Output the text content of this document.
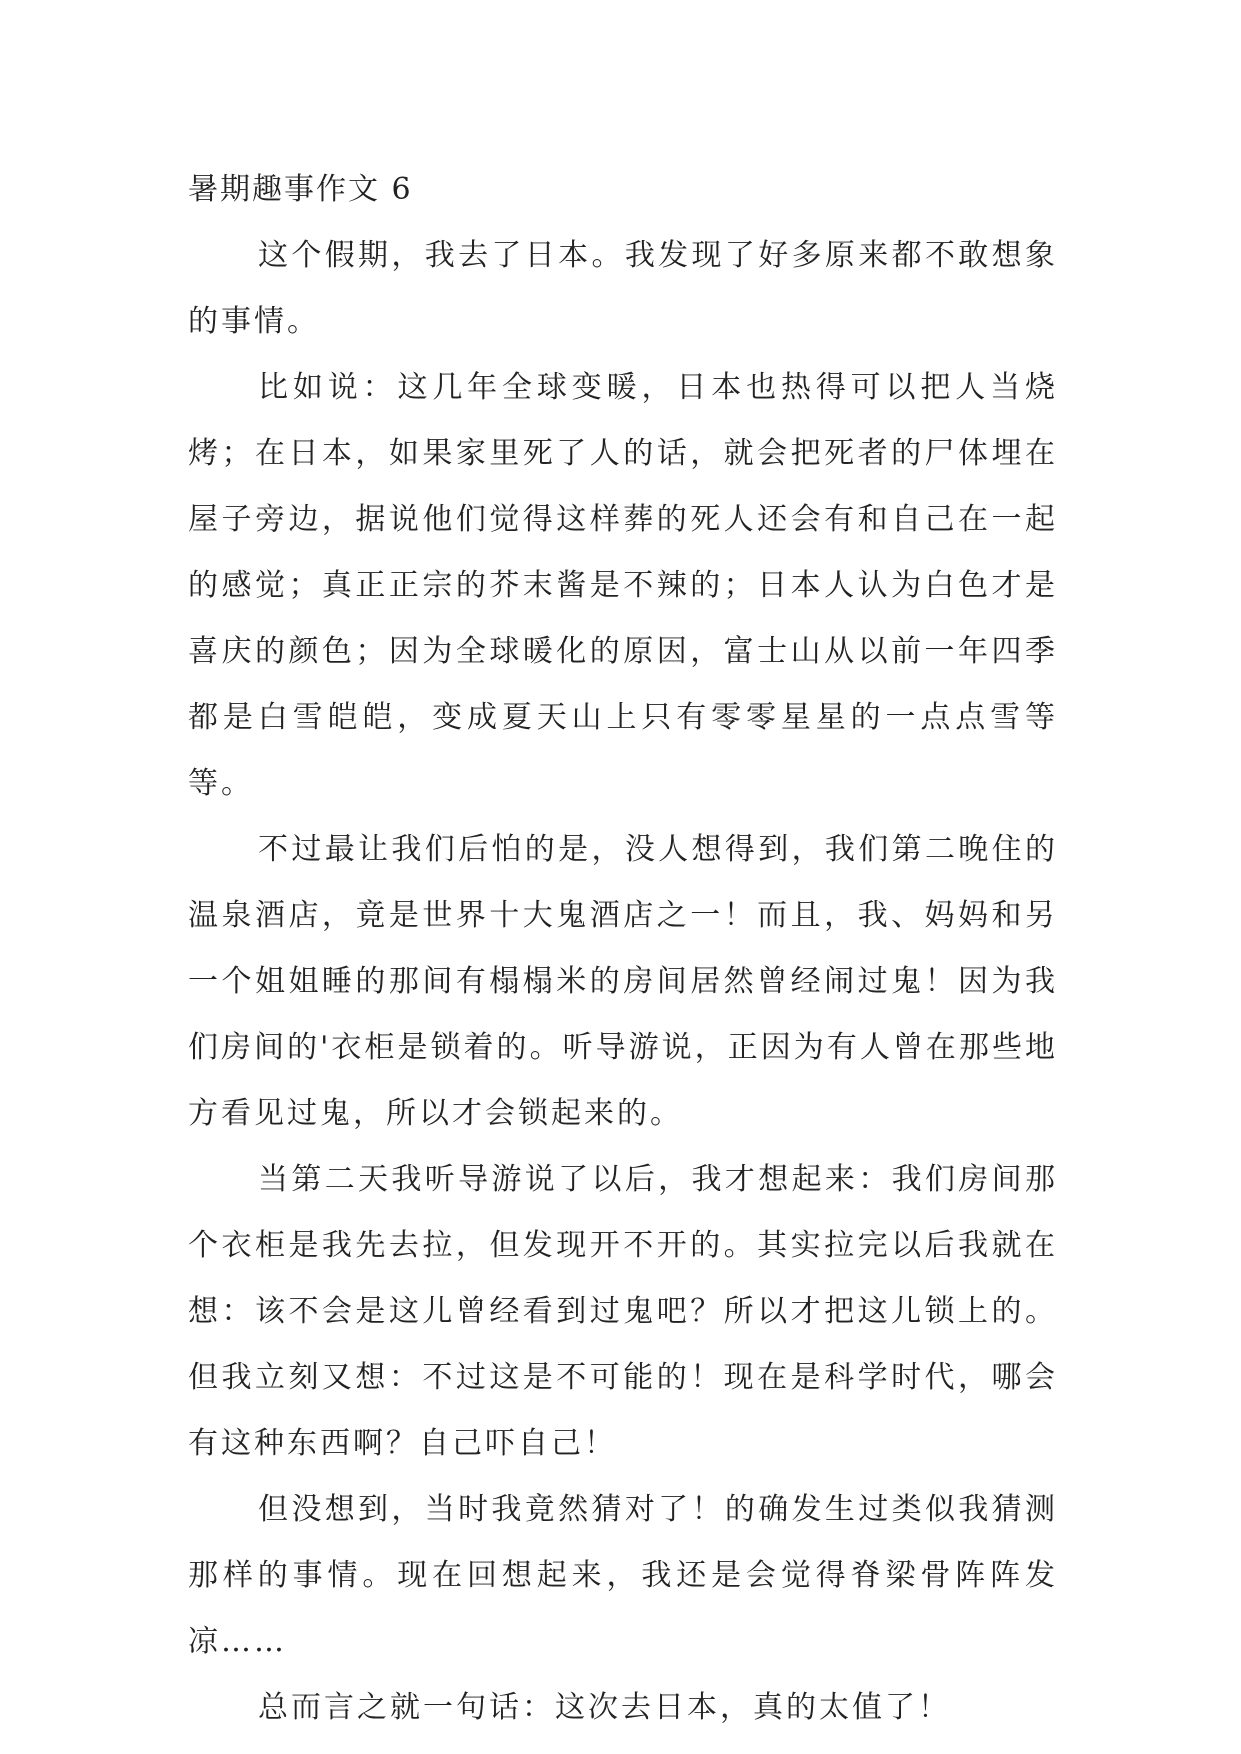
暑期趣事作文 6

这个假期，我去了日本。我发现了好多原来都不敢想象的事情。

比如说：这几年全球变暖，日本也热得可以把人当烧烤；在日本，如果家里死了人的话，就会把死者的尸体埋在屋子旁边，据说他们觉得这样葬的死人还会有和自己在一起的感觉；真正正宗的芥末酱是不辣的；日本人认为白色才是喜庆的颜色；因为全球暖化的原因，富士山从以前一年四季都是白雪皑皑，变成夏天山上只有零零星星的一点点雪等等。

不过最让我们后怕的是，没人想得到，我们第二晚住的温泉酒店，竟是世界十大鬼酒店之一！而且，我、妈妈和另一个姐姐睡的那间有榻榻米的房间居然曾经闹过鬼！因为我们房间的'衣柜是锁着的。听导游说，正因为有人曾在那些地方看见过鬼，所以才会锁起来的。

当第二天我听导游说了以后，我才想起来：我们房间那个衣柜是我先去拉，但发现开不开的。其实拉完以后我就在想：该不会是这儿曾经看到过鬼吧？所以才把这儿锁上的。但我立刻又想：不过这是不可能的！现在是科学时代，哪会有这种东西啊？自己吓自己！

但没想到，当时我竟然猜对了！的确发生过类似我猜测那样的事情。现在回想起来，我还是会觉得脊梁骨阵阵发凉……

总而言之就一句话：这次去日本，真的太值了！
